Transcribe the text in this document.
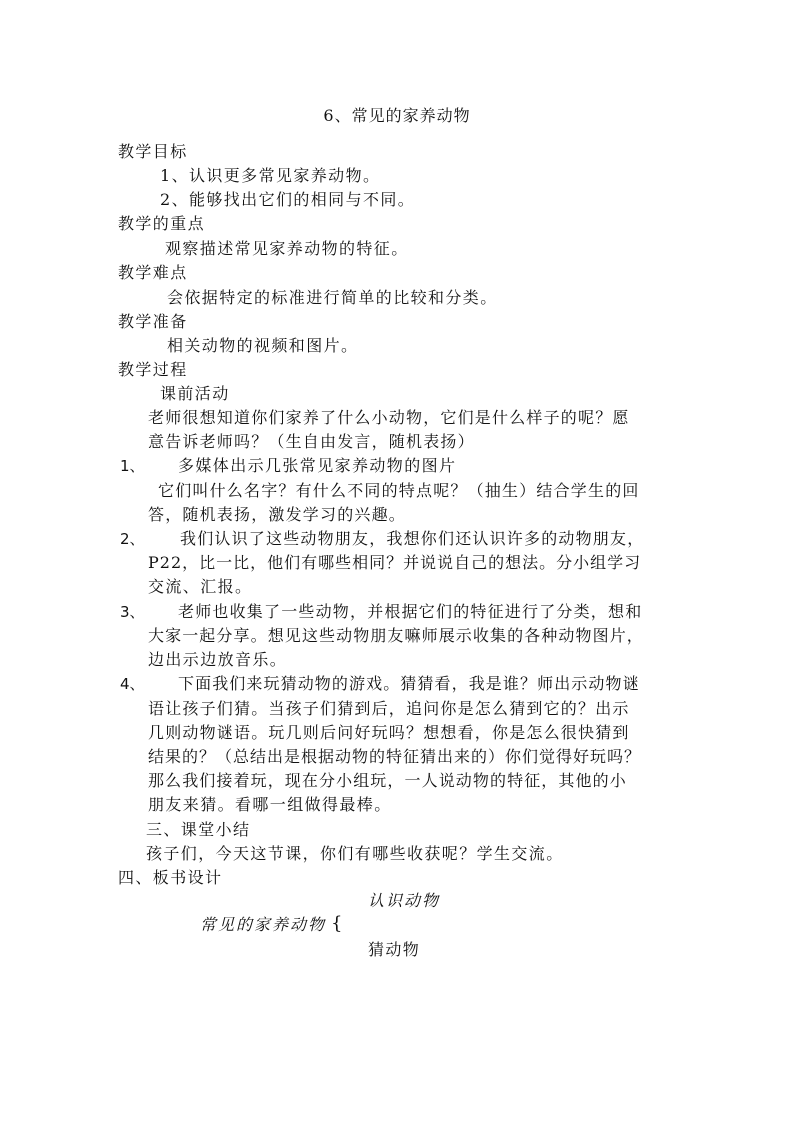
6、常见的家养动物
教学目标
1、认识更多常见家养动物。
2、能够找出它们的相同与不同。
教学的重点
观察描述常见家养动物的特征。
教学难点
会依据特定的标准进行简单的比较和分类。
教学准备
相关动物的视频和图片。
教学过程
课前活动
老师很想知道你们家养了什么小动物，它们是什么样子的呢？愿
意告诉老师吗？（生自由发言，随机表扬）
1、 多媒体出示几张常见家养动物的图片
它们叫什么名字？有什么不同的特点呢？（抽生）结合学生的回
答，随机表扬，激发学习的兴趣。
2、 我们认识了这些动物朋友，我想你们还认识许多的动物朋友，
P22，比一比，他们有哪些相同？并说说自己的想法。分小组学习
交流、汇报。
3、 老师也收集了一些动物，并根据它们的特征进行了分类，想和
大家一起分享。想见这些动物朋友嘛师展示收集的各种动物图片，
边出示边放音乐。
4、 下面我们来玩猜动物的游戏。猜猜看，我是谁？师出示动物谜
语让孩子们猜。当孩子们猜到后，追问你是怎么猜到它的？出示
几则动物谜语。玩几则后问好玩吗？想想看，你是怎么很快猜到
结果的？（总结出是根据动物的特征猜出来的）你们觉得好玩吗？
那么我们接着玩，现在分小组玩，一人说动物的特征，其他的小
朋友来猜。看哪一组做得最棒。
三、课堂小结
孩子们，今天这节课，你们有哪些收获呢？学生交流。
四、板书设计
认识动物
常见的家养动物 {
猜动物
